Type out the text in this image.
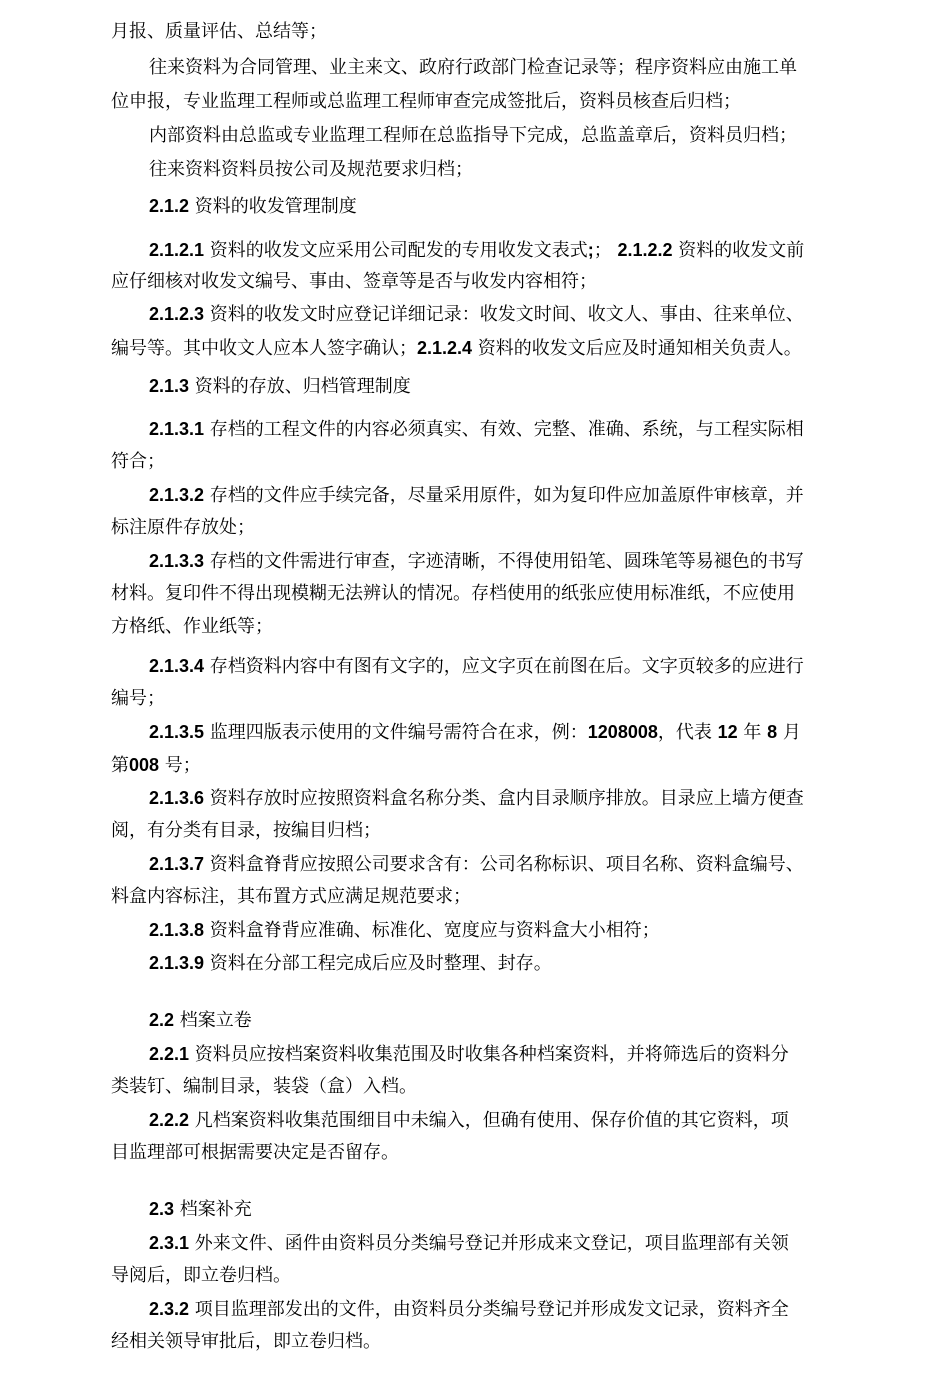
月报、质量评估、总结等；
往来资料为合同管理、业主来文、政府行政部门检查记录等；程序资料应由施工单
位申报，专业监理工程师或总监理工程师审查完成签批后，资料员核查后归档；
内部资料由总监或专业监理工程师在总监指导下完成，总监盖章后，资料员归档；
往来资料资料员按公司及规范要求归档；
2.1.2 资料的收发管理制度
2.1.2.1 资料的收发文应采用公司配发的专用收发文表式;； 2.1.2.2 资料的收发文前
应仔细核对收发文编号、事由、签章等是否与收发内容相符；
2.1.2.3 资料的收发文时应登记详细记录：收发文时间、收文人、事由、往来单位、
编号等。其中收文人应本人签字确认；2.1.2.4 资料的收发文后应及时通知相关负责人。
2.1.3 资料的存放、归档管理制度
2.1.3.1 存档的工程文件的内容必须真实、有效、完整、准确、系统，与工程实际相
符合；
2.1.3.2 存档的文件应手续完备，尽量采用原件，如为复印件应加盖原件审核章，并
标注原件存放处；
2.1.3.3 存档的文件需进行审查，字迹清晰，不得使用铅笔、圆珠笔等易褪色的书写
材料。复印件不得出现模糊无法辨认的情况。存档使用的纸张应使用标准纸，不应使用
方格纸、作业纸等；
2.1.3.4 存档资料内容中有图有文字的，应文字页在前图在后。文字页较多的应进行
编号；
2.1.3.5 监理四版表示使用的文件编号需符合在求，例：1208008，代表 12 年 8 月
第008 号；
2.1.3.6 资料存放时应按照资料盒名称分类、盒内目录顺序排放。目录应上墙方便查
阅，有分类有目录，按编目归档；
2.1.3.7 资料盒脊背应按照公司要求含有：公司名称标识、项目名称、资料盒编号、
料盒内容标注，其布置方式应满足规范要求；
2.1.3.8 资料盒脊背应准确、标准化、宽度应与资料盒大小相符；
2.1.3.9 资料在分部工程完成后应及时整理、封存。
2.2 档案立卷
2.2.1 资料员应按档案资料收集范围及时收集各种档案资料，并将筛选后的资料分
类装钉、编制目录，装袋（盒）入档。
2.2.2 凡档案资料收集范围细目中未编入，但确有使用、保存价值的其它资料，项
目监理部可根据需要决定是否留存。
2.3 档案补充
2.3.1 外来文件、函件由资料员分类编号登记并形成来文登记，项目监理部有关领
导阅后，即立卷归档。
2.3.2 项目监理部发出的文件，由资料员分类编号登记并形成发文记录，资料齐全
经相关领导审批后，即立卷归档。
